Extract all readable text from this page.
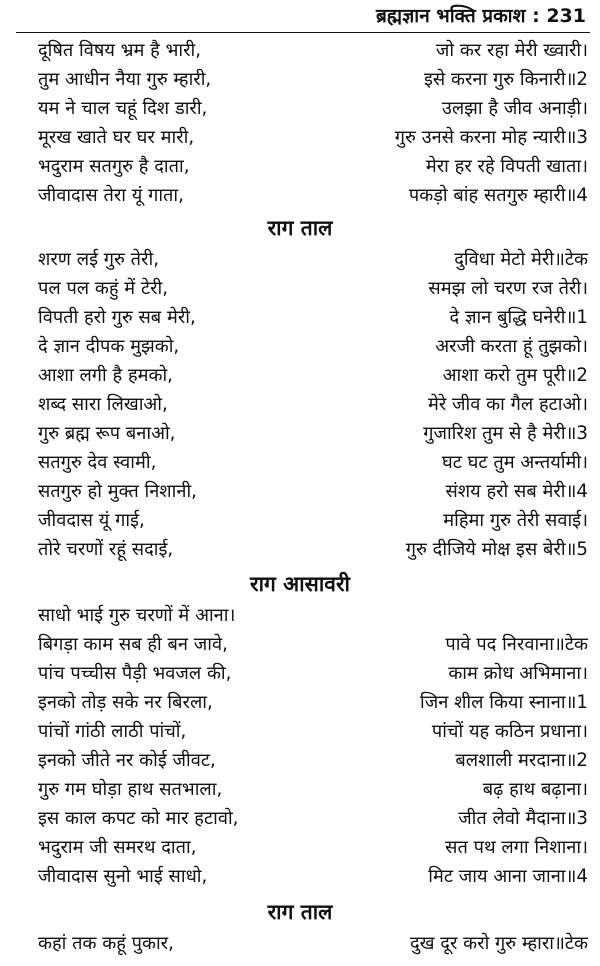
ब्रह्मज्ञान भक्ति प्रकाश : 231
दूषित विषय भ्रम है भारी,	जो कर रहा मेरी ख्वारी।
तुम आधीन नैया गुरु म्हारी,	इसे करना गुरु किनारी॥2
यम ने चाल चहूं दिश डारी,	उलझा है जीव अनाड़ी।
मूरख खाते घर घर मारी,	गुरु उनसे करना मोह न्यारी॥3
भदुराम सतगुरु है दाता,	मेरा हर रहे विपती खाता।
जीवादास तेरा यूं गाता,	पकड़ो बांह सतगुरु म्हारी॥4
राग ताल
शरण लई गुरु तेरी,	दुविधा मेटो मेरी॥टेक
पल पल कहुं में टेरी,	समझ लो चरण रज तेरी।
विपती हरो गुरु सब मेरी,	दे ज्ञान बुद्धि घनेरी॥1
दे ज्ञान दीपक मुझको,	अरजी करता हूं तुझको।
आशा लगी है हमको,	आशा करो तुम पूरी॥2
शब्द सारा लिखाओ,	मेरे जीव का गैल हटाओ।
गुरु ब्रह्म रूप बनाओ,	गुजारिश तुम से है मेरी॥3
सतगुरु देव स्वामी,	घट घट तुम अन्तर्यामी।
सतगुरु हो मुक्त निशानी,	संशय हरो सब मेरी॥4
जीवदास यूं गाई,	महिमा गुरु तेरी सवाई।
तोरे चरणों रहूं सदाई,	गुरु दीजिये मोक्ष इस बेरी॥5
राग आसावरी
साधो भाई गुरु चरणों में आना।
बिगड़ा काम सब ही बन जावे,	पावे पद निरवाना॥टेक
पांच पच्चीस पैड़ी भवजल की,	काम क्रोध अभिमाना।
इनको तोड़ सके नर बिरला,	जिन शील किया स्नाना॥1
पांचों गांठी लाठी पांचों,	पांचों यह कठिन प्रधाना।
इनको जीते नर कोई जीवट,	बलशाली मरदाना॥2
गुरु गम घोड़ा हाथ सतभाला,	बढ़ हाथ बढ़ाना।
इस काल कपट को मार हटावो,	जीत लेवो मैदाना॥3
भदुराम जी समरथ दाता,	सत पथ लगा निशाना।
जीवादास सुनो भाई साधो,	मिट जाय आना जाना॥4
राग ताल
कहां तक कहूं पुकार,	दुख दूर करो गुरु म्हारा॥टेक
